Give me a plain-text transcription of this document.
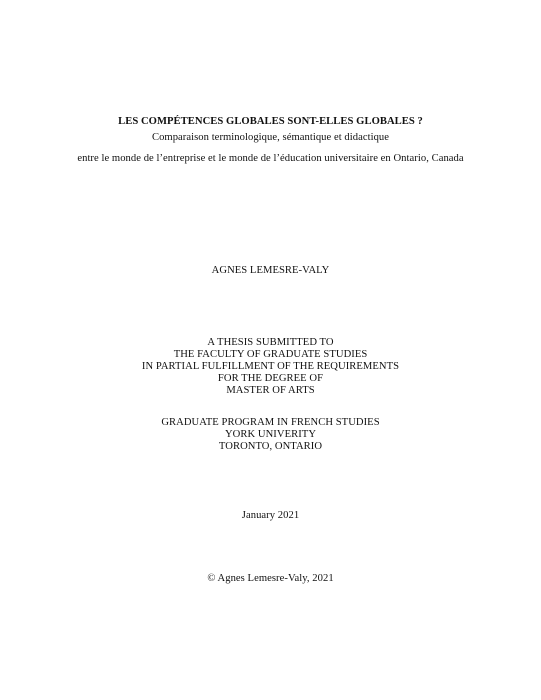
LES COMPÉTENCES GLOBALES SONT-ELLES GLOBALES ?
Comparaison terminologique, sémantique et didactique
entre le monde de l’entreprise et le monde de l’éducation universitaire en Ontario, Canada
AGNES LEMESRE-VALY
A THESIS SUBMITTED TO
THE FACULTY OF GRADUATE STUDIES
IN PARTIAL FULFILLMENT OF THE REQUIREMENTS
FOR THE DEGREE OF
MASTER OF ARTS
GRADUATE PROGRAM IN FRENCH STUDIES
YORK UNIVERITY
TORONTO, ONTARIO
January 2021
© Agnes Lemesre-Valy, 2021
